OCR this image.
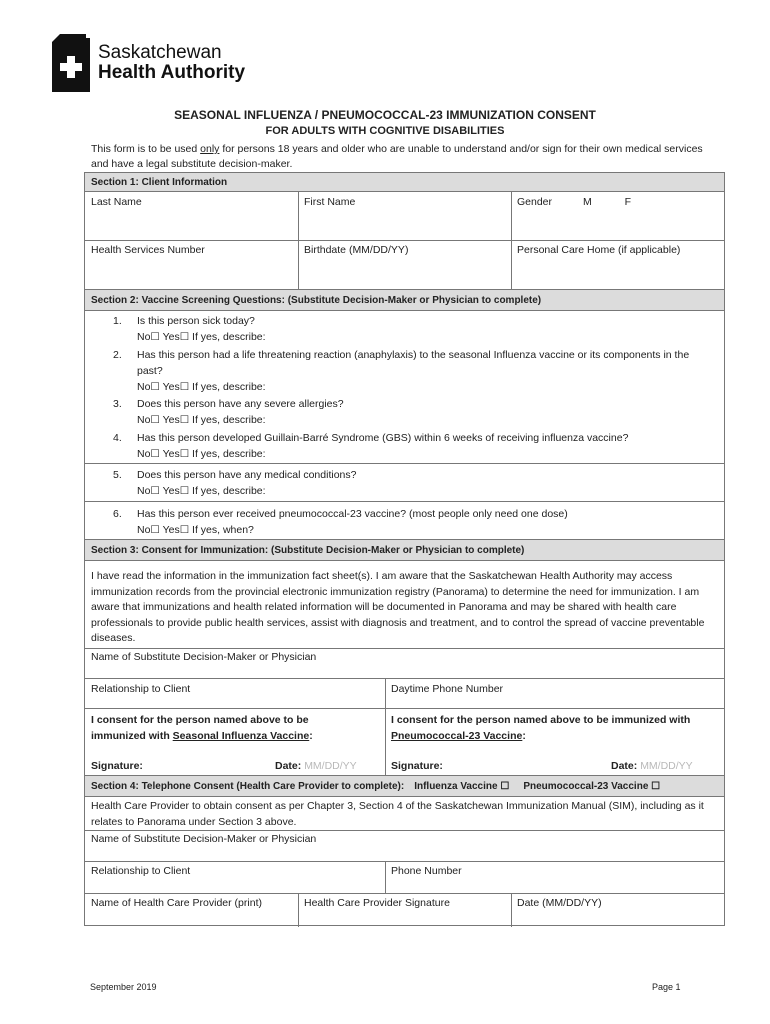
Saskatchewan
Health Authority
SEASONAL INFLUENZA / PNEUMOCOCCAL-23 IMMUNIZATION CONSENT
FOR ADULTS WITH COGNITIVE DISABILITIES
This form is to be used only for persons 18 years and older who are unable to understand and/or sign for their own medical services and have a legal substitute decision-maker.
Section 1: Client Information
Last Name	First Name	Gender	M	F
Health Services Number	Birthdate (MM/DD/YY)	Personal Care Home (if applicable)
Section 2: Vaccine Screening Questions: (Substitute Decision-Maker or Physician to complete)
1. Is this person sick today?
No☐ Yes☐ If yes, describe:
2. Has this person had a life threatening reaction (anaphylaxis) to the seasonal Influenza vaccine or its components in the past?
No☐ Yes☐ If yes, describe:
3. Does this person have any severe allergies?
No☐ Yes☐ If yes, describe:
4. Has this person developed Guillain-Barré Syndrome (GBS) within 6 weeks of receiving influenza vaccine?
No☐ Yes☐ If yes, describe:
5. Does this person have any medical conditions?
No☐ Yes☐ If yes, describe:
6. Has this person ever received pneumococcal-23 vaccine? (most people only need one dose)
No☐ Yes☐ If yes, when?
Section 3: Consent for Immunization: (Substitute Decision-Maker or Physician to complete)
I have read the information in the immunization fact sheet(s). I am aware that the Saskatchewan Health Authority may access immunization records from the provincial electronic immunization registry (Panorama) to determine the need for immunization. I am aware that immunizations and health related information will be documented in Panorama and may be shared with health care professionals to provide public health services, assist with diagnosis and treatment, and to control the spread of vaccine preventable diseases.
Name of Substitute Decision-Maker or Physician
Relationship to Client	Daytime Phone Number
I consent for the person named above to be
immunized with Seasonal Influenza Vaccine:
I consent for the person named above to be immunized with
Pneumococcal-23 Vaccine:
Signature:	Date: MM/DD/YY	Signature:	Date: MM/DD/YY
Section 4: Telephone Consent (Health Care Provider to complete): Influenza Vaccine ☐ Pneumococcal-23 Vaccine ☐
Health Care Provider to obtain consent as per Chapter 3, Section 4 of the Saskatchewan Immunization Manual (SIM), including as it relates to Panorama under Section 3 above.
Name of Substitute Decision-Maker or Physician
Relationship to Client	Phone Number
Name of Health Care Provider (print)	Health Care Provider Signature	Date (MM/DD/YY)
September 2019	Page 1
